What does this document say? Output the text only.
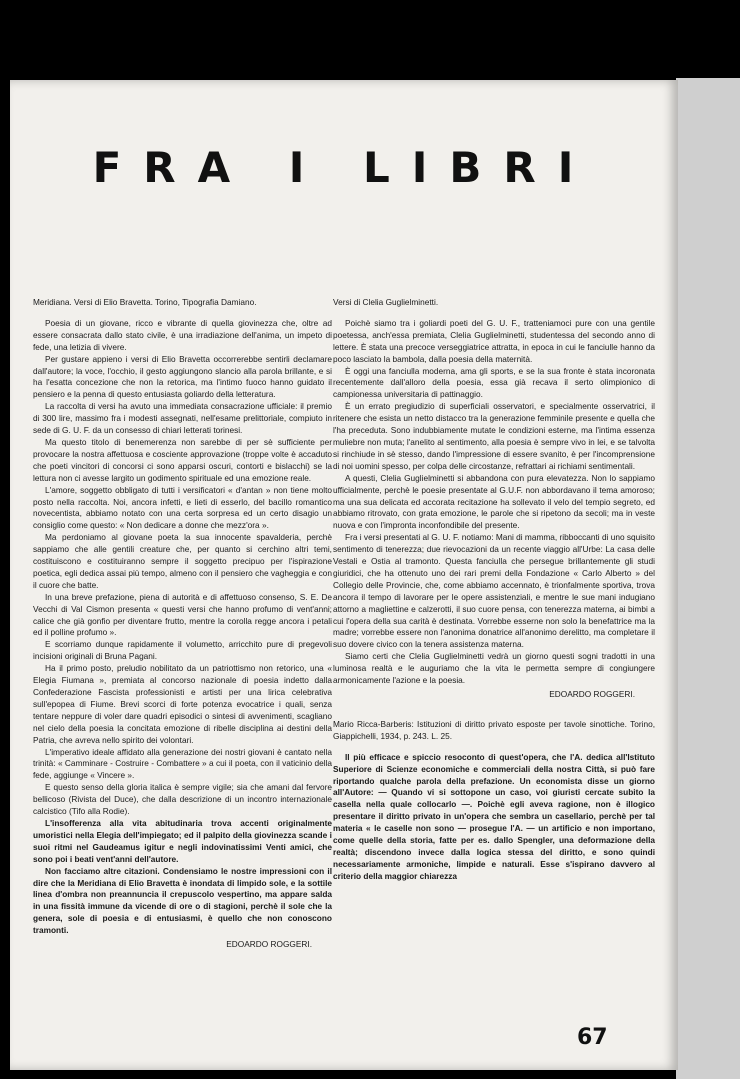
FRA I LIBRI

Meridiana. Versi di Elio Bravetta. Torino, Tipografia Damiano.

Poesia di un giovane, ricco e vibrante di quella giovinezza che, oltre ad essere consacrata dallo stato civile, è una irradiazione dell'anima, un impeto di fede, una letizia di vivere.

Per gustare appieno i versi di Elio Bravetta occorrerebbe sentirli declamare dall'autore; la voce, l'occhio, il gesto aggiungono slancio alla parola brillante, e si ha l'esatta concezione che non la retorica, ma l'intimo fuoco hanno guidato il pensiero e la penna di questo entusiasta goliardo della letteratura.

La raccolta di versi ha avuto una immediata consacrazione ufficiale: il premio di 300 lire, massimo fra i modesti assegnati, nell'esame prelittoriale, compiuto in sede di G. U. F. da un consesso di chiari letterati torinesi.

Ma questo titolo di benemerenza non sarebbe di per sè sufficiente per provocare la nostra affettuosa e cosciente approvazione (troppe volte è accaduto che poeti vincitori di concorsi ci sono apparsi oscuri, contorti e bislacchi) se la lettura non ci avesse largito un godimento spirituale ed una emozione reale.

L'amore, soggetto obbligato di tutti i versificatori « d'antan » non tiene molto posto nella raccolta. Noi, ancora infetti, e lieti di esserlo, del bacillo romantico novecentista, abbiamo notato con una certa sorpresa ed un certo disagio un consiglio come questo: « Non dedicare a donne che mezz'ora ».

Ma perdoniamo al giovane poeta la sua innocente spavalderia, perchè sappiamo che alle gentili creature che, per quanto si cerchino altri temi, costituiscono e costituiranno sempre il soggetto precipuo per l'ispirazione poetica, egli dedica assai più tempo, almeno con il pensiero che vagheggia e con il cuore che batte.

In una breve prefazione, piena di autorità e di affettuoso consenso, S. E. De Vecchi di Val Cismon presenta « questi versi che hanno profumo di vent'anni; calice che già gonfio per diventare frutto, mentre la corolla regge ancora i petali ed il polline profumo ».

E scorriamo dunque rapidamente il volumetto, arricchito pure di pregevoli incisioni originali di Bruna Pagani.

Ha il primo posto, preludio nobilitato da un patriottismo non retorico, una « Elegia Fiumana », premiata al concorso nazionale di poesia indetto dalla Confederazione Fascista professionisti e artisti per una lirica celebrativa sull'epopea di Fiume. Brevi scorci di forte potenza evocatrice i quali, senza tentare neppure di voler dare quadri episodici o sintesi di avvenimenti, scagliano nel cielo della poesia la concitata emozione di ribelle disciplina ai destini della Patria, che avreva nello spirito dei volontari.

L'imperativo ideale affidato alla generazione dei nostri giovani è cantato nella trinità: « Camminare - Costruire - Combattere » a cui il poeta, con il vaticinio della fede, aggiunge « Vincere ».

E questo senso della gloria italica è sempre vigile; sia che amani dal fervore bellicoso (Rivista del Duce), che dalla descrizione di un incontro internazionale calcistico (Tifo alla Rodie).

L'insofferenza alla vita abitudinaria trova accenti originalmente umoristici nella Elegia dell'impiegato; ed il palpito della giovinezza scande i suoi ritmi nel Gaudeamus igitur e negli indovinatissimi Venti amici, che sono poi i beati vent'anni dell'autore.

Non facciamo altre citazioni. Condensiamo le nostre impressioni con il dire che la Meridiana di Elio Bravetta è inondata di limpido sole, e la sottile linea d'ombra non preannuncia il crepuscolo vespertino, ma appare salda in una fissità immune da vicende di ore o di stagioni, perchè il sole che la genera, sole di poesia e di entusiasmi, è quello che non conoscono tramonti.

EDOARDO ROGGERI.

Versi di Clelia Guglielminetti.

Poichè siamo tra i goliardi poeti del G. U. F., tratteniamoci pure con una gentile poetessa, anch'essa premiata, Clelia Guglielminetti, studentessa del secondo anno di lettere. È stata una precoce verseggiatrice attratta, in epoca in cui le fanciulle hanno da poco lasciato la bambola, dalla poesia della maternità.

È oggi una fanciulla moderna, ama gli sports, e se la sua fronte è stata incoronata recentemente dall'alloro della poesia, essa già recava il serto olimpionico di campionessa universitaria di pattinaggio.

È un errato pregiudizio di superficiali osservatori, e specialmente osservatrici, il ritenere che esista un netto distacco tra la generazione femminile presente e quella che l'ha preceduta. Sono indubbiamente mutate le condizioni esterne, ma l'intima essenza muliebre non muta; l'anelito al sentimento, alla poesia è sempre vivo in lei, e se talvolta si rinchiude in sè stesso, dando l'impressione di essere svanito, è per l'incomprensione di noi uomini spesso, per colpa delle circostanze, refrattari ai richiami sentimentali.

A questi, Clelia Guglielminetti si abbandona con pura elevatezza. Non lo sappiamo ufficialmente, perchè le poesie presentate al G.U.F. non abbordavano il tema amoroso; ma una sua delicata ed accorata recitazione ha sollevato il velo del tempio segreto, ed abbiamo ritrovato, con grata emozione, le parole che si ripetono da secoli; ma in veste nuova e con l'impronta inconfondibile del presente.

Fra i versi presentati al G. U. F. notiamo: Mani di mamma, ribboccanti di uno squisito sentimento di tenerezza; due rievocazioni da un recente viaggio all'Urbe: La casa delle Vestali e Ostia al tramonto. Questa fanciulla che persegue brillantemente gli studi giuridici, che ha ottenuto uno dei rari premi della Fondazione « Carlo Alberto » del Collegio delle Provincie, che, come abbiamo accennato, è trionfalmente sportiva, trova ancora il tempo di lavorare per le opere assistenziali, e mentre le sue mani indugiano attorno a magliettine e calzerotti, il suo cuore pensa, con tenerezza materna, ai bimbi a cui l'opera della sua carità è destinata. Vorrebbe esserne non solo la benefattrice ma la madre; vorrebbe essere non l'anonima donatrice all'anonimo derelitto, ma completare il suo dovere civico con la tenera assistenza materna.

Siamo certi che Clelia Guglielminetti vedrà un giorno questi sogni tradotti in una luminosa realtà e le auguriamo che la vita le permetta sempre di congiungere armonicamente l'azione e la poesia.

EDOARDO ROGGERI.

Mario Ricca-Barberis: Istituzioni di diritto privato esposte per tavole sinottiche. Torino, Giappichelli, 1934, p. 243. L. 25.

Il più efficace e spiccio resoconto di quest'opera, che l'A. dedica all'Istituto Superiore di Scienze economiche e commerciali della nostra Città, si può fare riportando qualche parola della prefazione. Un economista disse un giorno all'Autore: — Quando vi si sottopone un caso, voi giuristi cercate subito la casella nella quale collocarlo —. Poichè egli aveva ragione, non è illogico presentare il diritto privato in un'opera che sembra un casellario, perchè per tal materia « le caselle non sono — prosegue l'A. — un artificio e non importano, come quelle della storia, fatte per es. dallo Spengler, una deformazione della realtà; discendono invece dalla logica stessa del diritto, e sono quindi necessariamente armoniche, limpide e naturali. Esse s'ispirano davvero al criterio della maggior chiarezza

67
